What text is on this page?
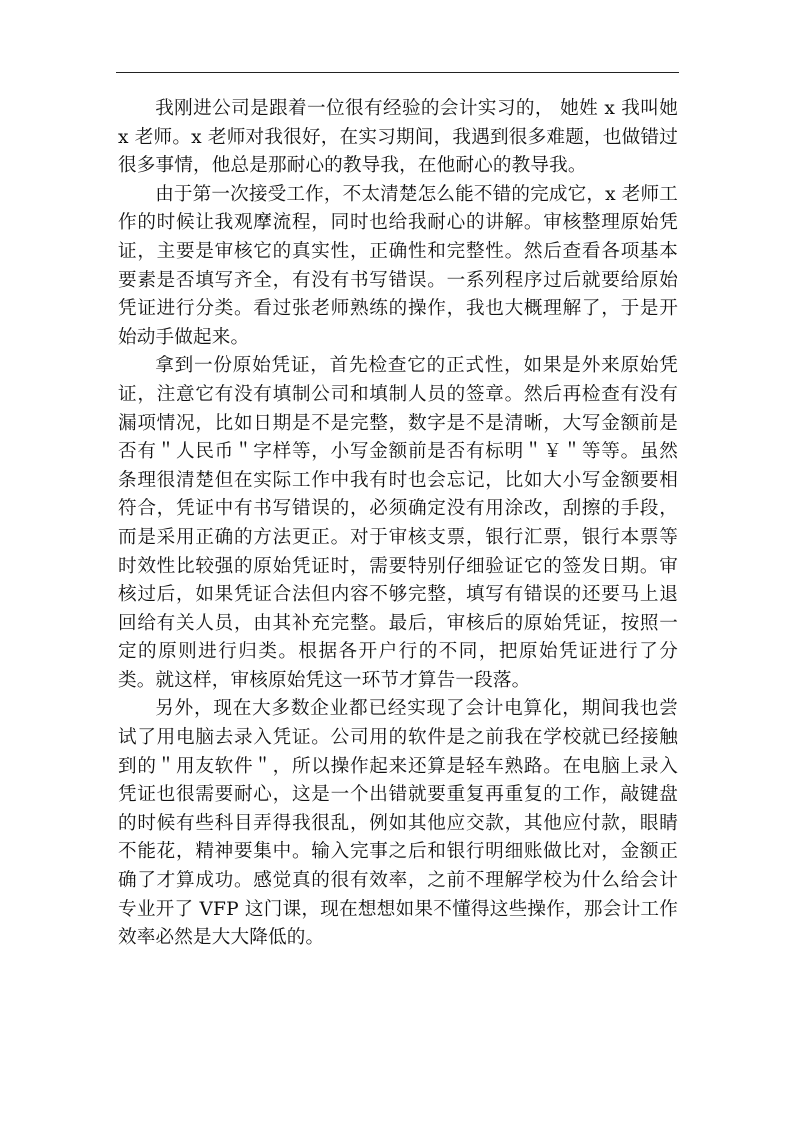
我刚进公司是跟着一位很有经验的会计实习的， 她姓 x 我叫她 x 老师。x 老师对我很好，在实习期间，我遇到很多难题，也做错过很多事情，他总是那耐心的教导我，在他耐心的教导我。

由于第一次接受工作，不太清楚怎么能不错的完成它，x 老师工作的时候让我观摩流程，同时也给我耐心的讲解。审核整理原始凭证，主要是审核它的真实性，正确性和完整性。然后查看各项基本要素是否填写齐全，有没有书写错误。一系列程序过后就要给原始凭证进行分类。看过张老师熟练的操作，我也大概理解了，于是开始动手做起来。

拿到一份原始凭证，首先检查它的正式性，如果是外来原始凭证，注意它有没有填制公司和填制人员的签章。然后再检查有没有漏项情况，比如日期是不是完整，数字是不是清晰，大写金额前是否有＂人民币＂字样等，小写金额前是否有标明＂￥＂等等。虽然条理很清楚但在实际工作中我有时也会忘记，比如大小写金额要相符合，凭证中有书写错误的，必须确定没有用涂改，刮擦的手段，而是采用正确的方法更正。对于审核支票，银行汇票，银行本票等时效性比较强的原始凭证时，需要特别仔细验证它的签发日期。审核过后，如果凭证合法但内容不够完整，填写有错误的还要马上退回给有关人员，由其补充完整。最后，审核后的原始凭证，按照一定的原则进行归类。根据各开户行的不同，把原始凭证进行了分类。就这样，审核原始凭这一环节才算告一段落。

另外，现在大多数企业都已经实现了会计电算化，期间我也尝试了用电脑去录入凭证。公司用的软件是之前我在学校就已经接触到的＂用友软件＂，所以操作起来还算是轻车熟路。在电脑上录入凭证也很需要耐心，这是一个出错就要重复再重复的工作，敲键盘的时候有些科目弄得我很乱，例如其他应交款，其他应付款，眼睛不能花，精神要集中。输入完事之后和银行明细账做比对，金额正确了才算成功。感觉真的很有效率，之前不理解学校为什么给会计专业开了 VFP 这门课，现在想想如果不懂得这些操作，那会计工作效率必然是大大降低的。
